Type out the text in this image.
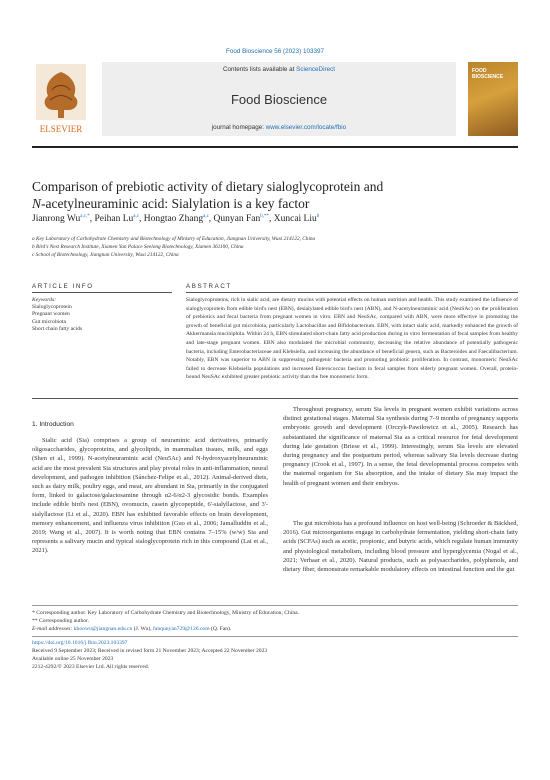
Food Bioscience 56 (2023) 103397
ELSEVIER
Contents lists available at ScienceDirect
Food Bioscience
journal homepage: www.elsevier.com/locate/fbio
FOOD
BIOSCIENCE
Comparison of prebiotic activity of dietary sialoglycoprotein and
N-acetylneuraminic acid: Sialylation is a key factor
Jianrong $Wu^{a,c,*}$, Peihan Lu$^{a,c}$, Hongtao Zhang$^{a,c}$, Qunyan Fan$^{b,**}$, Xuncai Liu$^b$
a Key Laboratory of Carbohydrate Chemistry and Biotechnology of Ministry of Education, Jiangnan University, Wuxi 214122, China
b Bird's Nest Research Institute, Xiamen Yan Palace Seelong Biotechnology, Xiamen 361100, China
c School of Biotechnology, Jiangnan University, Wuxi 214122, China
ARTICLE INFO	ABSTRACT
Keywords:
Sialoglycoprotein
Pregnant women
Gut microbiota
Short chain fatty acids
Sialoglycoproteins, rich in sialic acid, are dietary mucins with potential effects on human nutrition and health. This study examined the influence of sialoglycoprotein from edible bird's nest (EBN), desialylated edible bird's nest (ABN), and N-acetylneuraminic acid (NeuSAc) on the proliferation of prebiotics and fecal bacteria from pregnant women in vitro. EBN and NeuSAc, compared with ABN, were more effective in promoting the growth of beneficial gut microbiota, particularly Lactobacillus and Bifidobacterium. EBN, with intact sialic acid, markedly enhanced the growth of Akkermansia muciniphila. Within 24 h, EBN stimulated short-chain fatty acid production during in vitro fermentation of fecal samples from healthy and late-stage pregnant women. EBN also modulated the microbial community, decreasing the relative abundance of potentially pathogenic bacteria, including Enterobacteriaceae and Klebsiella, and increasing the abundance of beneficial genera, such as Bacteroides and Faecalibacterium. Notably, EBN was superior to ABN in suppressing pathogenic bacteria and promoting probiotic proliferation. In contrast, monomeric NeuSAc failed to decrease Klebsiella populations and increased Enterococcus faecium in fecal samples from elderly pregnant women. Overall, protein-bound NeuSAc exhibited greater prebiotic activity than the free monomeric form.
1. Introduction
Sialic acid (Sia) comprises a group of neuraminic acid derivatives, primarily oligosaccharides, glycoproteins, and glycolipids, in mammalian tissues, milk, and eggs (Shen et al., 1999). N-acetylneuraminic acid (Neu5Ac) and N-hydroxyacetylneuraminic acid are the most prevalent Sia structures and play pivotal roles in anti-inflammation, neural development, and pathogen inhibition (Sánchez-Felipe et al., 2012). Animal-derived diets, such as dairy milk, poultry eggs, and meat, are abundant in Sia, primarily in the conjugated form, linked to galactose/galactosamine through α2-6/α2-3 glycosidic bonds. Examples include edible bird's nest (EBN), ovomucin, casein glycopeptide, 6'-sialyllactose, and 3'-sialyllactose (Li et al., 2020). EBN has exhibited favorable effects on brain development, memory enhancement, and influenza virus inhibition (Guo et al., 2006; Jamalluddin et al., 2019; Wang et al., 2007). It is worth noting that EBN contains 7–15% (w/w) Sia and represents a salivary mucin and typical sialoglycoprotein rich in this compound (Lai et al., 2021).
Throughout pregnancy, serum Sia levels in pregnant women exhibit variations across distinct gestational stages. Maternal Sia synthesis during 7–9 months of pregnancy supports embryonic growth and development (Orczyk-Pawiłowicz et al., 2005). Research has substantiated the significance of maternal Sia as a critical resource for fetal development during late gestation (Briese et al., 1999). Interestingly, serum Sia levels are elevated during pregnancy and the postpartum period, whereas salivary Sia levels decrease during pregnancy (Crook et al., 1997). In a sense, the fetal developmental process competes with the maternal organism for Sia absorption, and the intake of dietary Sia may impact the health of pregnant women and their embryos.
The gut microbiota has a profound influence on host well-being (Schroeder & Bäckhed, 2016). Gut microorganisms engage in carbohydrate fermentation, yielding short-chain fatty acids (SCFAs) such as acetic, propionic, and butyric acids, which regulate human immunity and physiological metabolism, including blood pressure and hyperglycemia (Nogal et al., 2021; Verhaar et al., 2020). Natural products, such as polysaccharides, polyphenols, and dietary fiber, demonstrate remarkable modulatory effects on intestinal function and the gut
* Corresponding author. Key Laboratory of Carbohydrate Chemistry and Biotechnology, Ministry of Education, China.
** Corresponding author.
E-mail addresses: kboowu@jiangnan.edu.cn (J. Wu), fanqunyan729@126.com (Q. Fan).
https://doi.org/10.1016/j.fbio.2023.103397
Received 9 September 2023; Received in revised form 21 November 2023; Accepted 22 November 2023
Available online 25 November 2023
2212-4292/© 2023 Elsevier Ltd. All rights reserved.
